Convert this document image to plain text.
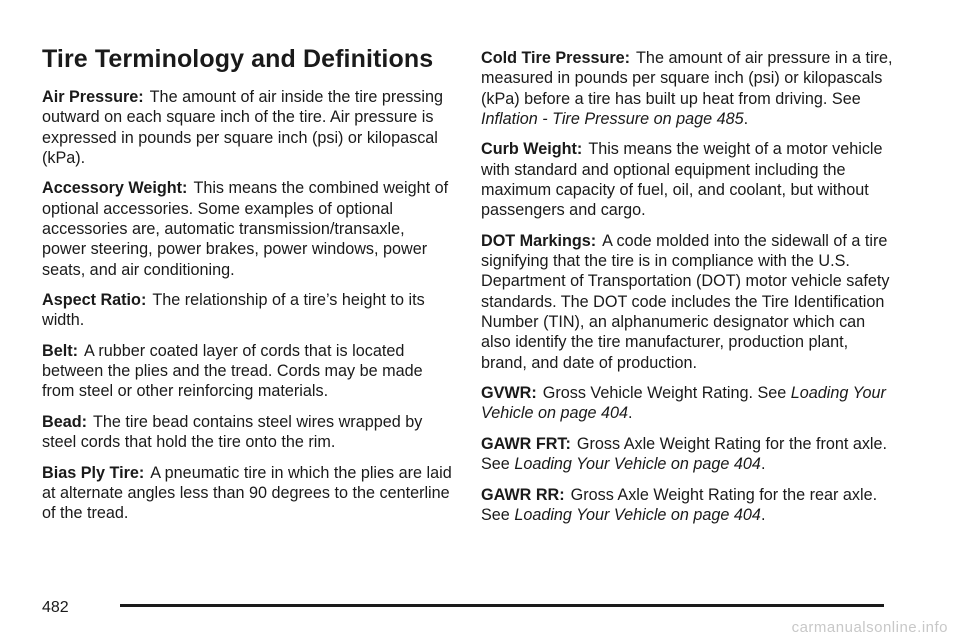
Tire Terminology and Definitions

Air Pressure: The amount of air inside the tire pressing outward on each square inch of the tire. Air pressure is expressed in pounds per square inch (psi) or kilopascal (kPa).

Accessory Weight: This means the combined weight of optional accessories. Some examples of optional accessories are, automatic transmission/transaxle, power steering, power brakes, power windows, power seats, and air conditioning.

Aspect Ratio: The relationship of a tire’s height to its width.

Belt: A rubber coated layer of cords that is located between the plies and the tread. Cords may be made from steel or other reinforcing materials.

Bead: The tire bead contains steel wires wrapped by steel cords that hold the tire onto the rim.

Bias Ply Tire: A pneumatic tire in which the plies are laid at alternate angles less than 90 degrees to the centerline of the tread.

Cold Tire Pressure: The amount of air pressure in a tire, measured in pounds per square inch (psi) or kilopascals (kPa) before a tire has built up heat from driving. See Inflation - Tire Pressure on page 485.

Curb Weight: This means the weight of a motor vehicle with standard and optional equipment including the maximum capacity of fuel, oil, and coolant, but without passengers and cargo.

DOT Markings: A code molded into the sidewall of a tire signifying that the tire is in compliance with the U.S. Department of Transportation (DOT) motor vehicle safety standards. The DOT code includes the Tire Identification Number (TIN), an alphanumeric designator which can also identify the tire manufacturer, production plant, brand, and date of production.

GVWR: Gross Vehicle Weight Rating. See Loading Your Vehicle on page 404.

GAWR FRT: Gross Axle Weight Rating for the front axle. See Loading Your Vehicle on page 404.

GAWR RR: Gross Axle Weight Rating for the rear axle. See Loading Your Vehicle on page 404.

482
carmanualsonline.info
